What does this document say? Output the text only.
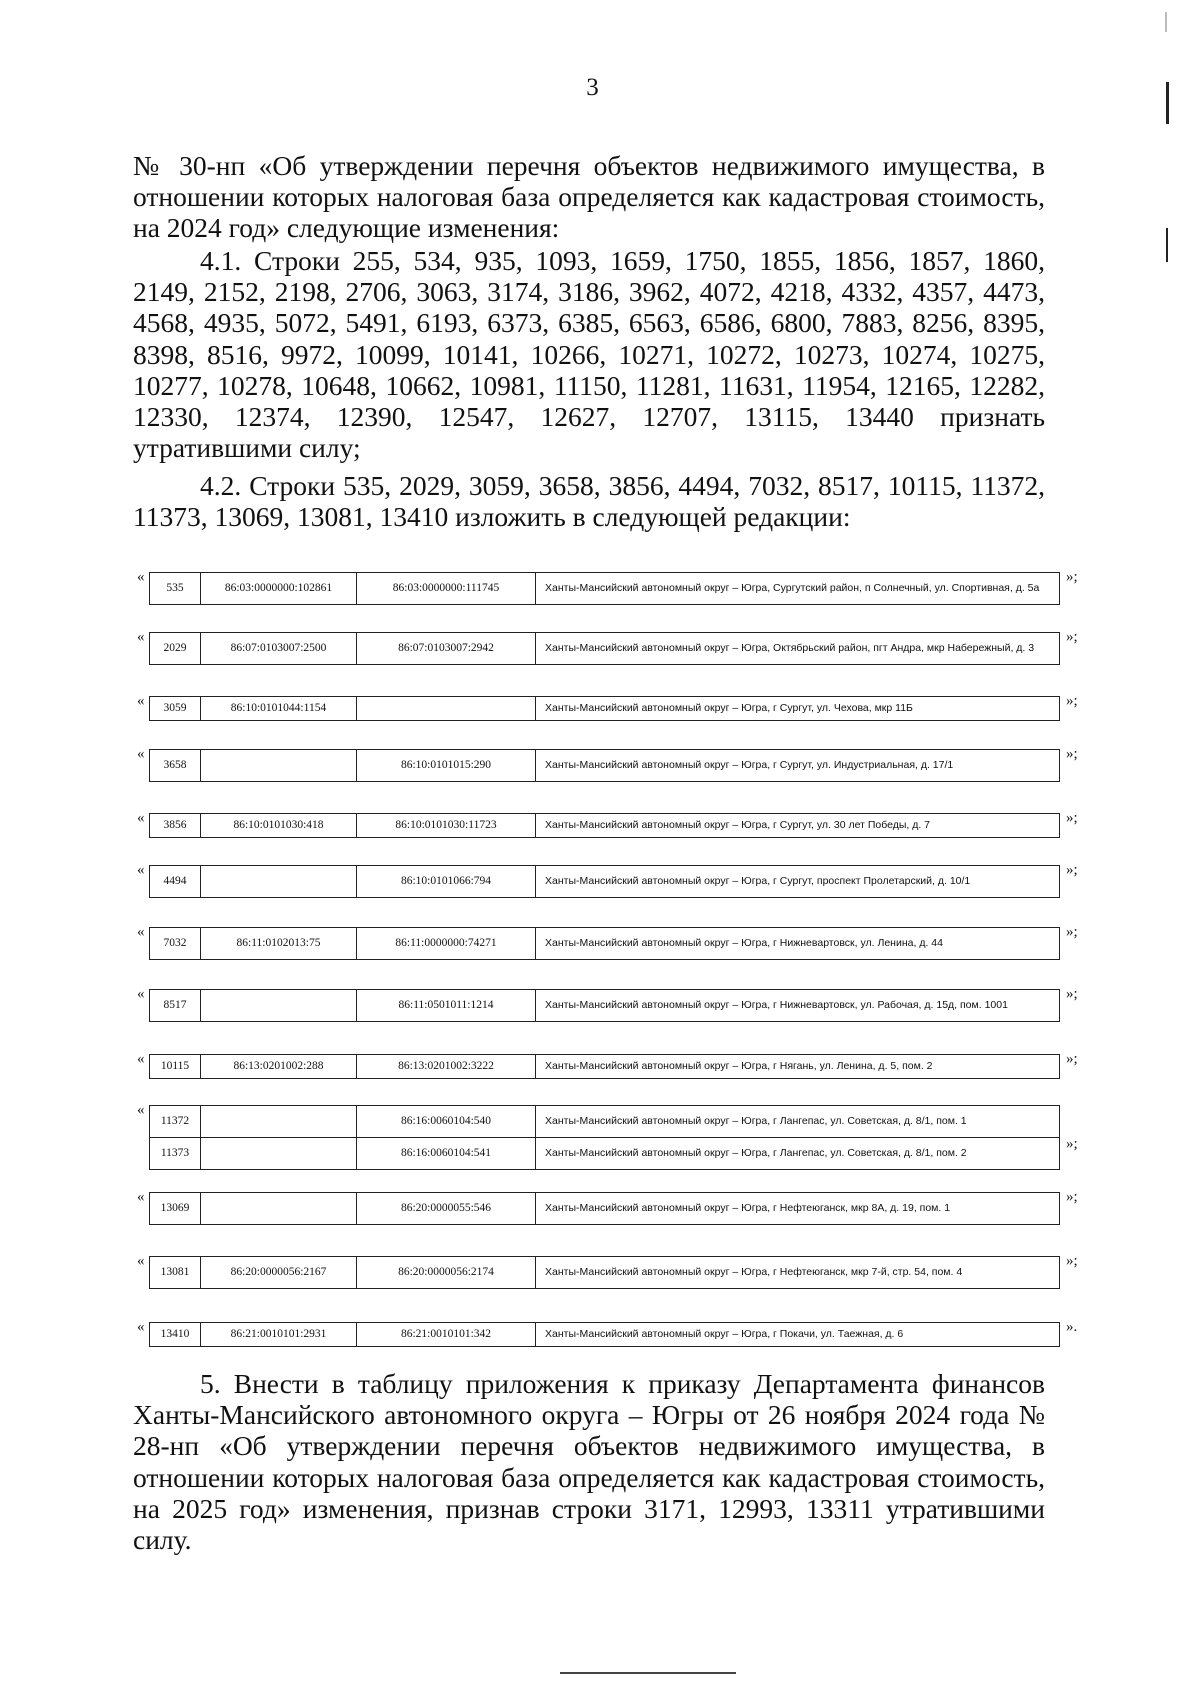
3
№ 30-нп «Об утверждении перечня объектов недвижимого имущества, в отношении которых налоговая база определяется как кадастровая стоимость, на 2024 год» следующие изменения:
4.1. Строки 255, 534, 935, 1093, 1659, 1750, 1855, 1856, 1857, 1860, 2149, 2152, 2198, 2706, 3063, 3174, 3186, 3962, 4072, 4218, 4332, 4357, 4473, 4568, 4935, 5072, 5491, 6193, 6373, 6385, 6563, 6586, 6800, 7883, 8256, 8395, 8398, 8516, 9972, 10099, 10141, 10266, 10271, 10272, 10273, 10274, 10275, 10277, 10278, 10648, 10662, 10981, 11150, 11281, 11631, 11954, 12165, 12282, 12330, 12374, 12390, 12547, 12627, 12707, 13115, 13440 признать утратившими силу;
4.2. Строки 535, 2029, 3059, 3658, 3856, 4494, 7032, 8517, 10115, 11372, 11373, 13069, 13081, 13410 изложить в следующей редакции:
«
535	86:03:0000000:102861	86:03:0000000:111745	Ханты-Мансийский автономный округ – Югра, Сургутский район, п Солнечный, ул. Спортивная, д. 5а
»;
«
2029	86:07:0103007:2500	86:07:0103007:2942	Ханты-Мансийский автономный округ – Югра, Октябрьский район, пгт Андра, мкр Набережный, д. 3
»;
« 3059	86:10:0101044:1154		Ханты-Мансийский автономный округ – Югра, г Сургут, ул. Чехова, мкр 11Б	»;
«
3658		86:10:0101015:290	Ханты-Мансийский автономный округ – Югра, г Сургут, ул. Индустриальная, д. 17/1
»;
« 3856	86:10:0101030:418	86:10:0101030:11723	Ханты-Мансийский автономный округ – Югра, г Сургут, ул. 30 лет Победы, д. 7	»;
«
4494		86:10:0101066:794	Ханты-Мансийский автономный округ – Югра, г Сургут, проспект Пролетарский, д. 10/1
»;
«
7032	86:11:0102013:75	86:11:0000000:74271	Ханты-Мансийский автономный округ – Югра, г Нижневартовск, ул. Ленина, д. 44
»;
«
8517		86:11:0501011:1214	Ханты-Мансийский автономный округ – Югра, г Нижневартовск, ул. Рабочая, д. 15д, пом. 1001
»;
« 10115	86:13:0201002:288	86:13:0201002:3222	Ханты-Мансийский автономный округ – Югра, г Нягань, ул. Ленина, д. 5, пом. 2	»;
«
11372		86:16:0060104:540	Ханты-Мансийский автономный округ – Югра, г Лангепас, ул. Советская, д. 8/1, пом. 1
11373		86:16:0060104:541	Ханты-Мансийский автономный округ – Югра, г Лангепас, ул. Советская, д. 8/1, пом. 2
»;
«
13069		86:20:0000055:546	Ханты-Мансийский автономный округ – Югра, г Нефтеюганск, мкр 8А, д. 19, пом. 1
»;
«
13081	86:20:0000056:2167	86:20:0000056:2174	Ханты-Мансийский автономный округ – Югра, г Нефтеюганск, мкр 7-й, стр. 54, пом. 4
»;
« 13410	86:21:0010101:2931	86:21:0010101:342	Ханты-Мансийский автономный округ – Югра, г Покачи, ул. Таежная, д. 6	».
5. Внести в таблицу приложения к приказу Департамента финансов Ханты-Мансийского автономного округа – Югры от 26 ноября 2024 года № 28-нп «Об утверждении перечня объектов недвижимого имущества, в отношении которых налоговая база определяется как кадастровая стоимость, на 2025 год» изменения, признав строки 3171, 12993, 13311 утратившими силу.
